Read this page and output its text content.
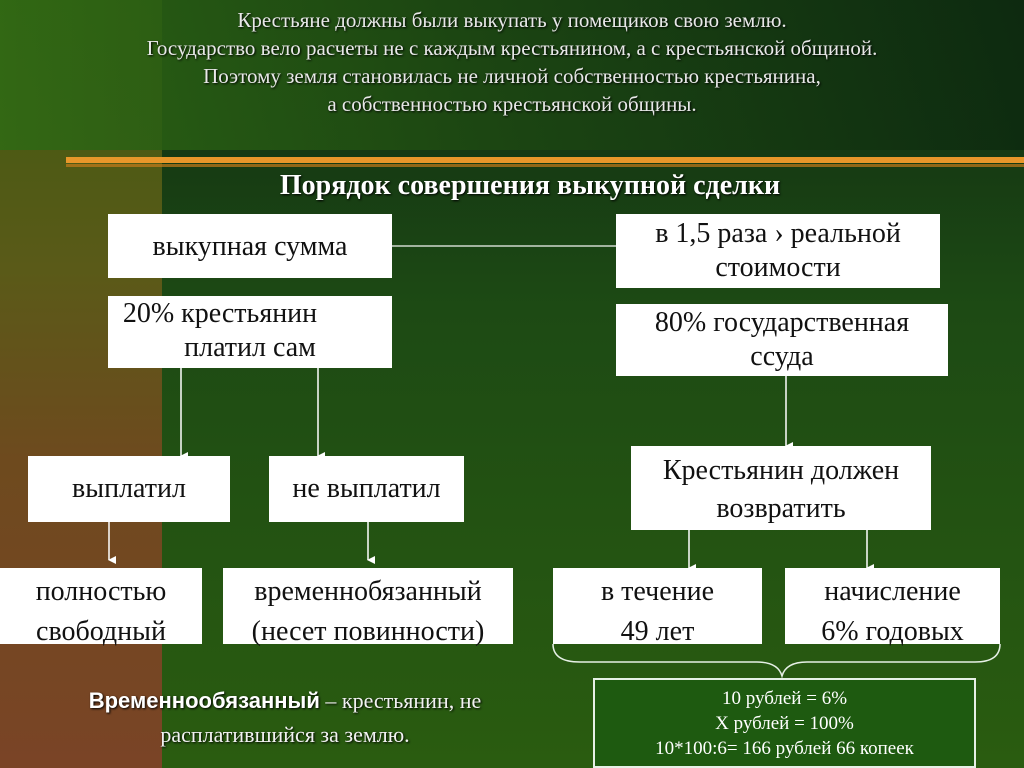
Крестьяне должны были выкупать у помещиков свою землю.
Государство вело расчеты не с каждым крестьянином, а с крестьянской общиной.
Поэтому земля становилась не личной собственностью крестьянина,
а собственностью крестьянской общины.
Порядок совершения выкупной сделки
выкупная сумма	в 1,5 раза › реальной
стоимости
20% крестьянин
платил сам
80% государственная
ссуда
выплатил	не выплатил
Крестьянин должен
возвратить
полностью
свободный
временнобязанный
(несет повинности)
в течение
49 лет
начисление
6% годовых
Временнообязанный – крестьянин, не расплатившийся за землю.
10 рублей = 6%
X рублей = 100%
10*100:6= 166 рублей 66 копеек
